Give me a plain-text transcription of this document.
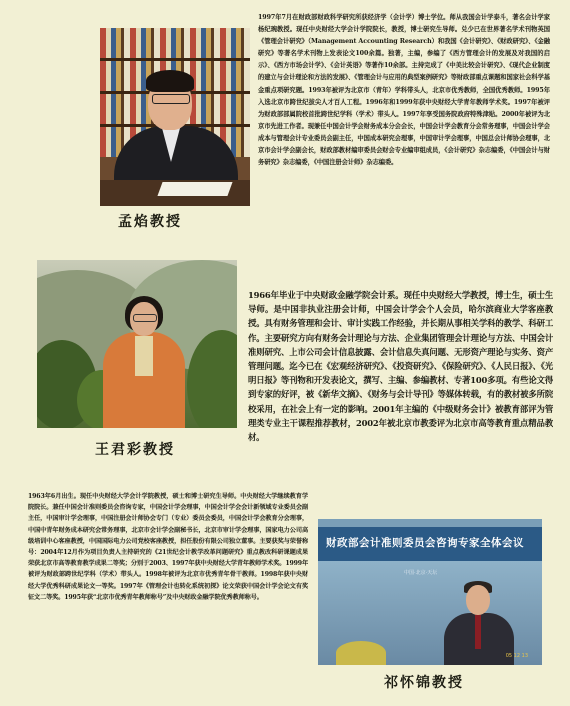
1997年7月在财政部财政科学研究所获经济学（会计学）博士学位。师从我国会计学泰斗，著名会计学家杨纪琬教授。现任中央财经大学会计学院院长，教授，博士研究生导师。兑少已在世界著名学术刊物英国《管理会计研究》（Management Accounting Research）和我国《会计研究》、《财政研究》、《金融研究》等著名学术刊物上发表论文100余篇。独著，主编，参编了《西方管理会计的发展及对我国的启示》、《西方市场会计学》、《会计英语》等著作10余部。主持完成了《中美比较会计研究》、《现代企业制度的建立与会计理论和方法的发展》、《管理会计与应用的典型案例研究》等财政部重点课题和国家社会科学基金重点项研究题。1993年被评为北京市（青年）学科带头人，北京市优秀教师，全国优秀教师。1995年入选北京市跨世纪拔尖人才百人工程。1996年和1999年获中央财经大学青年教师学术奖。1997年被评为财政部部属院校首批跨世纪学科（学术）带头人。1997年享受国务院政府特殊津贴。2000年被评为北京市先进工作者。现兼任中国会计学会财务成本分会会长，中国会计学会教育分会常务理事，中国会计学会成本与管理会计专业委员会副主任，中国成本研究会理事，中国审计学会理事，中国总会计师协会理事，北京市会计学会副会长，财政部教材编审委员会财会专业编审组成员，《会计研究》杂志编委，《中国会计与财务研究》杂志编委，《中国注册会计师》杂志编委。

孟焰教授

1966年毕业于中央财政金融学院会计系。现任中央财经大学教授，博士生，硕士生导师。是中国非执业注册会计师，中国会计学会个人会员，哈尔滨商业大学客座教授。具有财务管理和会计、审计实践工作经验，并长期从事相关学科的教学、科研工作。主要研究方向有财务会计理论与方法、企业集团管理会计理论与方法、中国会计准则研究、上市公司会计信息披露、会计信息失真问题、无形资产理论与实务、资产管理问题。迄今已在《宏观经济研究》、《投资研究》、《保险研究》、《人民日报》、《光明日报》等刊物和开发表论文，撰写、主编、参编教材、专著100多项。有些论文得到专家的好评，被《新华文摘》、《财务与会计导刊》等媒体转载，有的教材被多所院校采用，在社会上有一定的影响。2001年主编的《中级财务会计》被教育部评为管理类专业主干课程推荐教材，2002年被北京市教委评为北京市高等教育重点精品教材。

王君彩教授

1963年6月出生。现任中央财经大学会计学院教授，硕士和博士研究生导师。中央财经大学继续教育学院院长。兼任中国会计准则委员会咨询专家，中国会计学会理事，中国会计学会会计新领域专业委员会副主任，中国审计学会理事，中国注册会计师协会专门（专业）委员会委员，中国会计学会教育分会理事，中国中青年财务成本研究会常务理事，北京市会计学会副秘书长，北京市审计学会理事，国家电力公司高级培训中心客座教授，中国国际电力公司党校客座教授，担任股份有限公司独立董事。主要获奖与荣誉称号：2004年12月作为项目负责人主持研究的《21世纪会计教学改革问题研究》重点教改科研课题成果荣获北京市高等教育教学成果二等奖；分别于2003、1997年获中央财经大学青年教师学术奖。1999年被评为财政部跨世纪学科（学术）带头人。1998年被评为北京市优秀青年骨干教师。1998年获中央财经大学优秀科研成果论文一等奖。1997年《管理会计也转化系统初探》论文荣获中国会计学会论文有奖征文二等奖。1995年获“北京市优秀青年教师称号”及中央财政金融学院优秀教师称号。

财政部会计准则委员会咨询专家全体会议
中国·北京·天坛
05 12 13
祁怀锦教授
